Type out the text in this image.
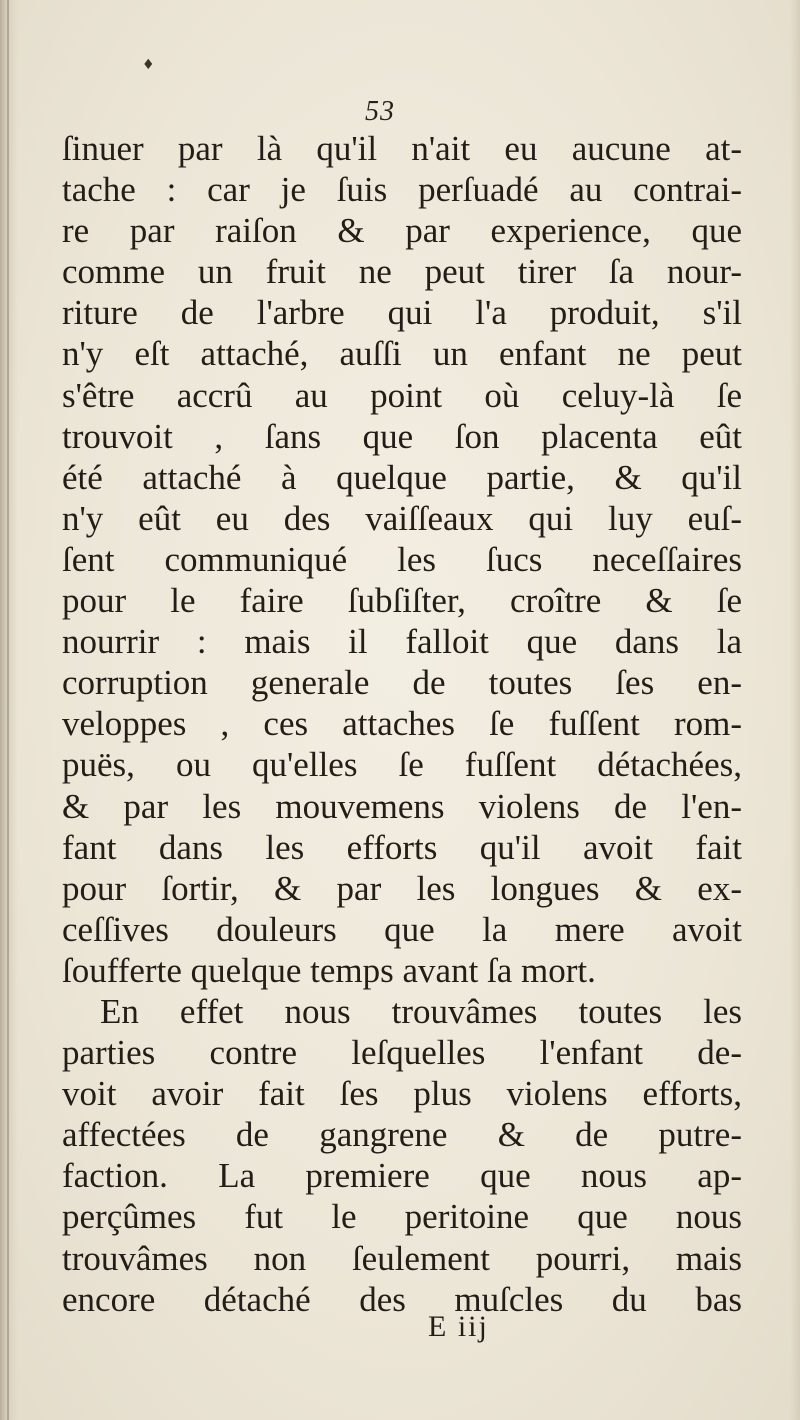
♦
53
ſinuer par là qu'il n'ait eu aucune at-
tache : car je ſuis perſuadé au contrai-
re par raiſon & par experience, que
comme un fruit ne peut tirer ſa nour-
riture de l'arbre qui l'a produit, s'il
n'y eſt attaché, auſſi un enfant ne peut
s'être accrû au point où celuy-là ſe
trouvoit , ſans que ſon placenta eût
été attaché à quelque partie, & qu'il
n'y eût eu des vaiſſeaux qui luy euſ-
ſent communiqué les ſucs neceſſaires
pour le faire ſubſiſter, croître & ſe
nourrir : mais il falloit que dans la
corruption generale de toutes ſes en-
veloppes , ces attaches ſe fuſſent rom-
puës, ou qu'elles ſe fuſſent détachées,
& par les mouvemens violens de l'en-
fant dans les efforts qu'il avoit fait
pour ſortir, & par les longues & ex-
ceſſives douleurs que la mere avoit
ſoufferte quelque temps avant ſa mort.
En effet nous trouvâmes toutes les
parties contre leſquelles l'enfant de-
voit avoir fait ſes plus violens efforts,
affectées de gangrene & de putre-
faction. La premiere que nous ap-
perçûmes fut le peritoine que nous
trouvâmes non ſeulement pourri, mais
encore détaché des muſcles du bas
E iij
